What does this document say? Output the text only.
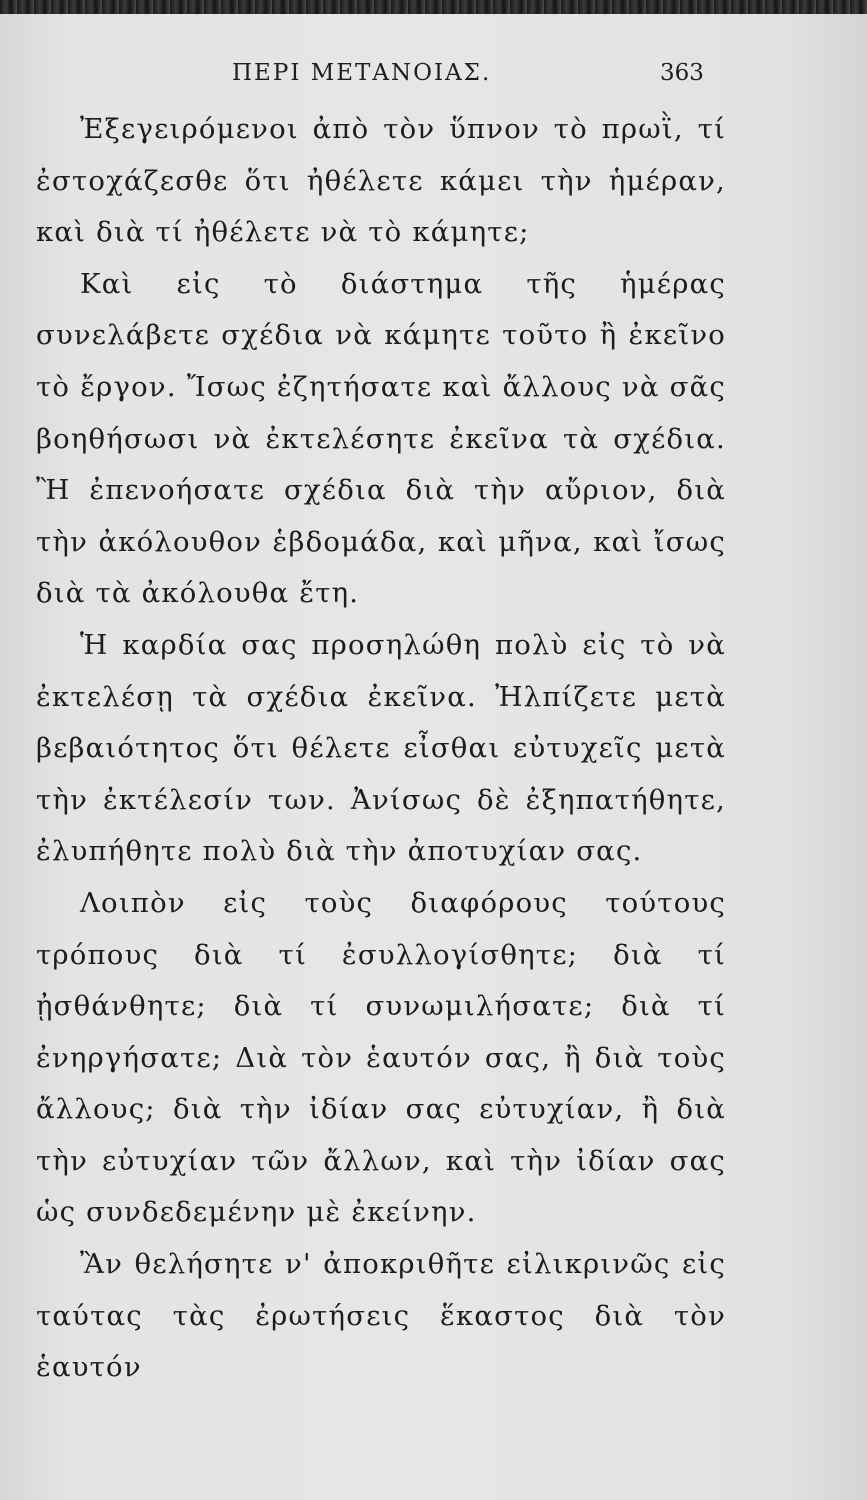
ΠΕΡΙ ΜΕΤΑΝΟΙΑΣ.	363

Ἐξεγειρόμενοι ἀπὸ τὸν ὕπνον τὸ πρωῒ, τί ἐστοχάζεσθε ὅτι ἠθέλετε κάμει τὴν ἡμέραν, καὶ διὰ τί ἠθέλετε νὰ τὸ κάμητε;

Καὶ εἰς τὸ διάστημα τῆς ἡμέρας συνελάβετε σχέδια νὰ κάμητε τοῦτο ἢ ἐκεῖνο τὸ ἔργον. Ἴσως ἐζητήσατε καὶ ἄλλους νὰ σᾶς βοηθήσωσι νὰ ἐκτελέσητε ἐκεῖνα τὰ σχέδια. Ἢ ἐπενοήσατε σχέδια διὰ τὴν αὔριον, διὰ τὴν ἀκόλουθον ἑβδομάδα, καὶ μῆνα, καὶ ἴσως διὰ τὰ ἀκόλουθα ἔτη.

Ἡ καρδία σας προσηλώθη πολὺ εἰς τὸ νὰ ἐκτελέσῃ τὰ σχέδια ἐκεῖνα. Ἠλπίζετε μετὰ βεβαιότητος ὅτι θέλετε εἶσθαι εὐτυχεῖς μετὰ τὴν ἐκτέλεσίν των. Ἀνίσως δὲ ἐξηπατήθητε, ἐλυπήθητε πολὺ διὰ τὴν ἀποτυχίαν σας.

Λοιπὸν εἰς τοὺς διαφόρους τούτους τρόπους διὰ τί ἐσυλλογίσθητε; διὰ τί ᾐσθάνθητε; διὰ τί συνωμιλήσατε; διὰ τί ἐνηργήσατε; Διὰ τὸν ἑαυτόν σας, ἢ διὰ τοὺς ἄλλους; διὰ τὴν ἰδίαν σας εὐτυχίαν, ἢ διὰ τὴν εὐτυχίαν τῶν ἄλλων, καὶ τὴν ἰδίαν σας ὡς συνδεδεμένην μὲ ἐκείνην.

Ἂν θελήσητε ν' ἀποκριθῆτε εἰλικρινῶς εἰς ταύτας τὰς ἐρωτήσεις ἕκαστος διὰ τὸν ἑαυτόν
